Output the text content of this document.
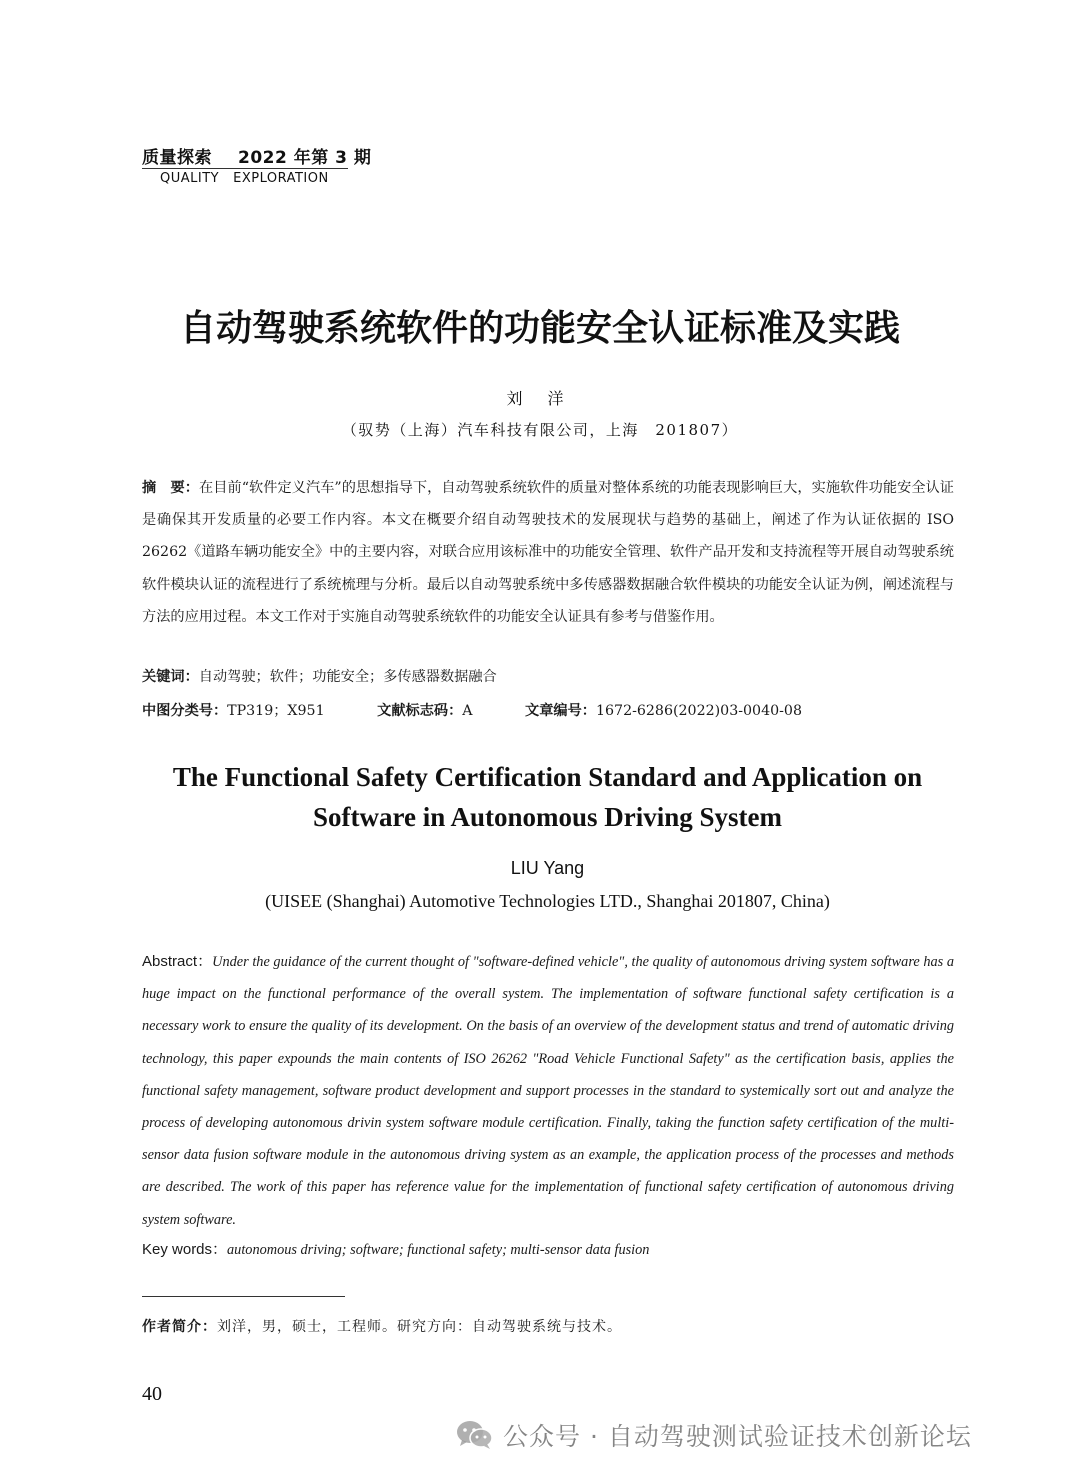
质量探索 2022 年第 3 期
QUALITY EXPLORATION
自动驾驶系统软件的功能安全认证标准及实践
刘 洋
（驭势（上海）汽车科技有限公司，上海　201807）
摘　要：在目前“软件定义汽车”的思想指导下，自动驾驶系统软件的质量对整体系统的功能表现影响巨大，实施软件功能安全认证是确保其开发质量的必要工作内容。本文在概要介绍自动驾驶技术的发展现状与趋势的基础上，阐述了作为认证依据的 ISO 26262《道路车辆功能安全》中的主要内容，对联合应用该标准中的功能安全管理、软件产品开发和支持流程等开展自动驾驶系统软件模块认证的流程进行了系统梳理与分析。最后以自动驾驶系统中多传感器数据融合软件模块的功能安全认证为例，阐述流程与方法的应用过程。本文工作对于实施自动驾驶系统软件的功能安全认证具有参考与借鉴作用。
关键词：自动驾驶；软件；功能安全；多传感器数据融合
中图分类号：TP319；X951	文献标志码：A	文章编号：1672-6286(2022)03-0040-08
The Functional Safety Certification Standard and Application on
Software in Autonomous Driving System
LIU Yang
(UISEE (Shanghai) Automotive Technologies LTD., Shanghai 201807, China)
Abstract：Under the guidance of the current thought of "software-defined vehicle", the quality of autonomous driving system software has a huge impact on the functional performance of the overall system. The implementation of software functional safety certification is a necessary work to ensure the quality of its development. On the basis of an overview of the development status and trend of automatic driving technology, this paper expounds the main contents of ISO 26262 "Road Vehicle Functional Safety" as the certification basis, applies the functional safety management, software product development and support processes in the standard to systemically sort out and analyze the process of developing autonomous drivin system software module certification. Finally, taking the function safety certification of the multi-sensor data fusion software module in the autonomous driving system as an example, the application process of the processes and methods are described. The work of this paper has reference value for the implementation of functional safety certification of autonomous driving system software.
Key words：autonomous driving; software; functional safety; multi-sensor data fusion
作者简介：刘洋，男，硕士，工程师。研究方向：自动驾驶系统与技术。
40
公众号 · 自动驾驶测试验证技术创新论坛
